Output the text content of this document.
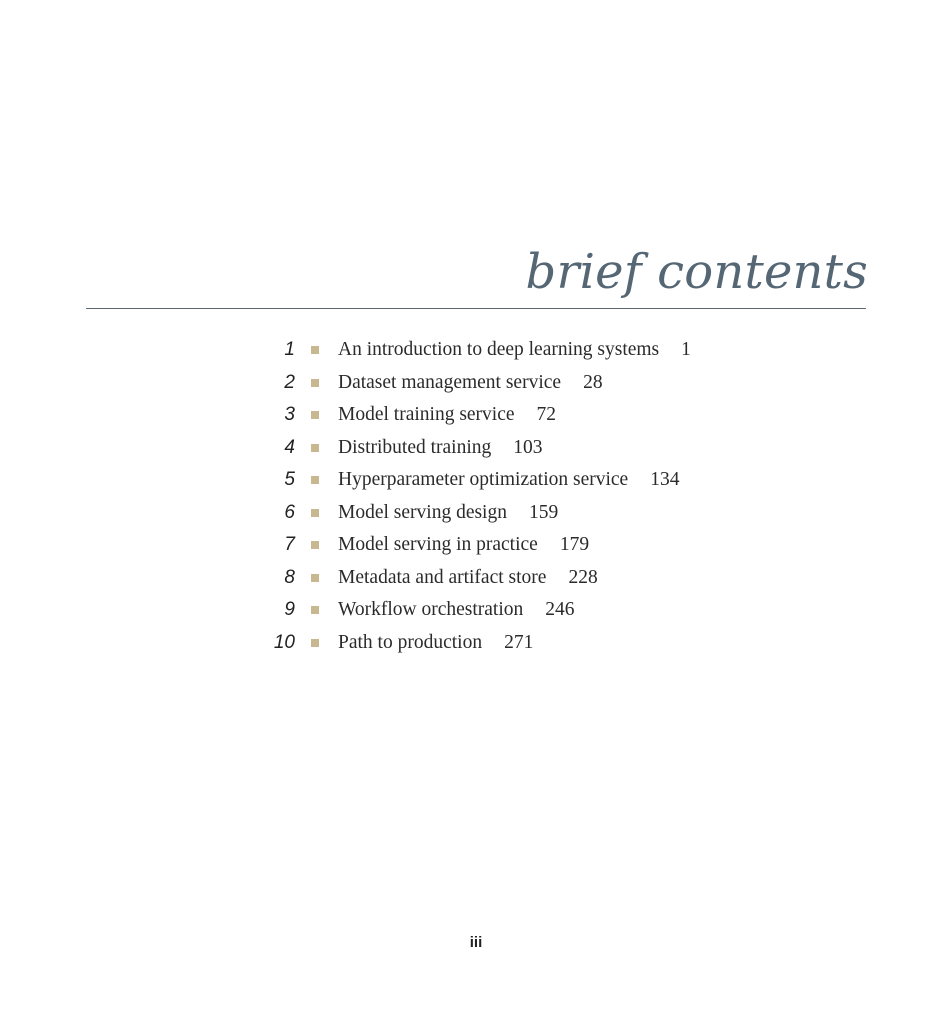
brief contents
1 An introduction to deep learning systems 1
2 Dataset management service 28
3 Model training service 72
4 Distributed training 103
5 Hyperparameter optimization service 134
6 Model serving design 159
7 Model serving in practice 179
8 Metadata and artifact store 228
9 Workflow orchestration 246
10 Path to production 271
iii
